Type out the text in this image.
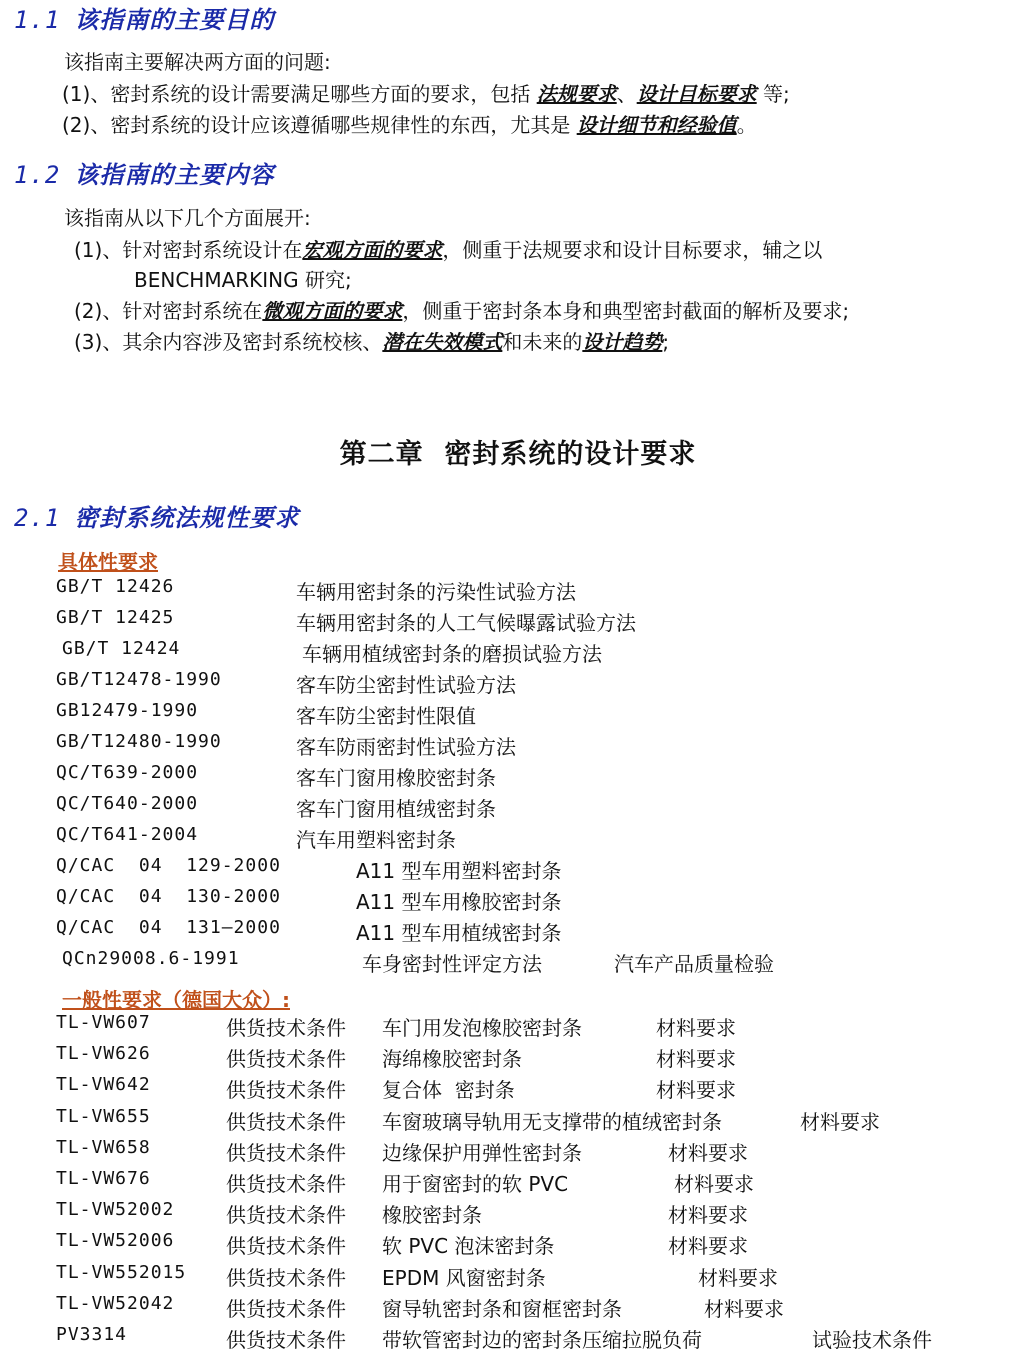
1.1 该指南的主要目的
该指南主要解决两方面的问题:
(1)、密封系统的设计需要满足哪些方面的要求，包括 法规要求、设计目标要求 等;
(2)、密封系统的设计应该遵循哪些规律性的东西，尤其是 设计细节和经验值。
1.2 该指南的主要内容
该指南从以下几个方面展开:
(1)、针对密封系统设计在宏观方面的要求，侧重于法规要求和设计目标要求，辅之以
BENCHMARKING 研究;
(2)、针对密封系统在微观方面的要求，侧重于密封条本身和典型密封截面的解析及要求;
(3)、其余内容涉及密封系统校核、潜在失效模式和未来的设计趋势;
第二章 密封系统的设计要求
2.1 密封系统法规性要求
具体性要求
GB/T 12426	车辆用密封条的污染性试验方法
GB/T 12425	车辆用密封条的人工气候曝露试验方法
GB/T 12424	车辆用植绒密封条的磨损试验方法
GB/T12478-1990	客车防尘密封性试验方法
GB12479-1990	客车防尘密封性限值
GB/T12480-1990	客车防雨密封性试验方法
QC/T639-2000	客车门窗用橡胶密封条
QC/T640-2000	客车门窗用植绒密封条
QC/T641-2004	汽车用塑料密封条
Q/CAC  04  129-2000	A11 型车用塑料密封条
Q/CAC  04  130-2000	A11 型车用橡胶密封条
Q/CAC  04  131—2000	A11 型车用植绒密封条
QCn29008.6-1991	车身密封性评定方法	汽车产品质量检验
一般性要求（德国大众）:
TL-VW607	供货技术条件 车门用发泡橡胶密封条	材料要求
TL-VW626	供货技术条件 海绵橡胶密封条	材料要求
TL-VW642	供货技术条件 复合体  密封条	材料要求
TL-VW655	供货技术条件 车窗玻璃导轨用无支撑带的植绒密封条	材料要求
TL-VW658	供货技术条件 边缘保护用弹性密封条	材料要求
TL-VW676	供货技术条件 用于窗密封的软 PVC	材料要求
TL-VW52002	供货技术条件 橡胶密封条	材料要求
TL-VW52006	供货技术条件 软 PVC 泡沫密封条	材料要求
TL-VW552015 供货技术条件 EPDM 风窗密封条	材料要求
TL-VW52042	供货技术条件 窗导轨密封条和窗框密封条	材料要求
PV3314	供货技术条件 带软管密封边的密封条压缩拉脱负荷	试验技术条件
